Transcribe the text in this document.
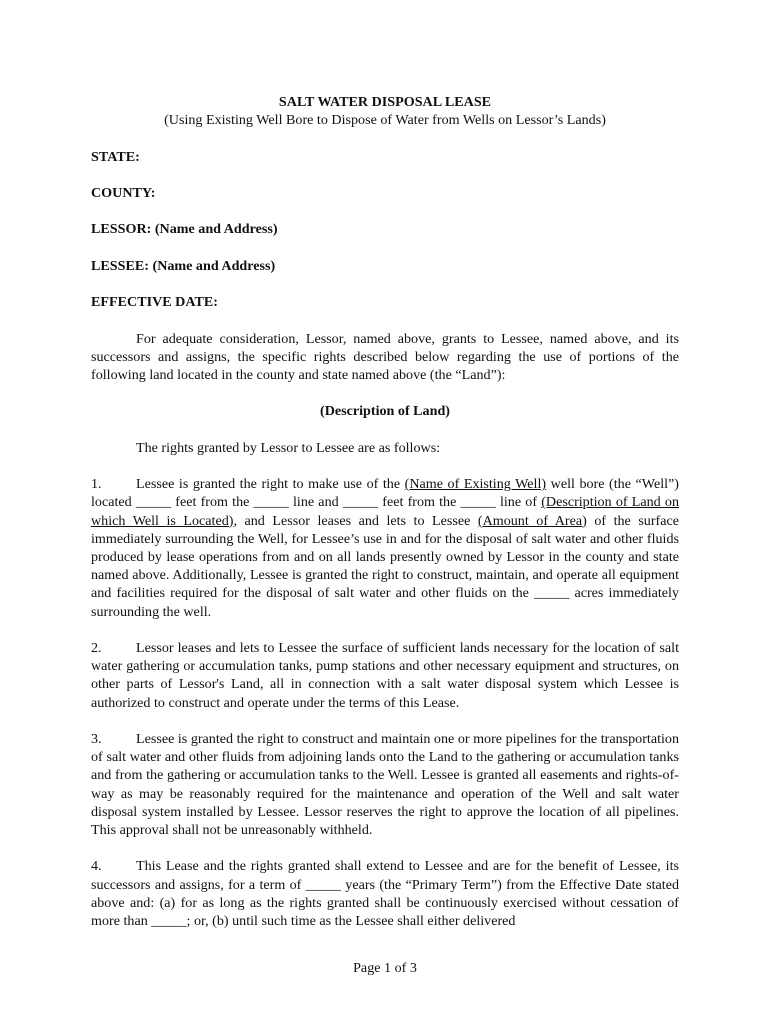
SALT WATER DISPOSAL LEASE

(Using Existing Well Bore to Dispose of Water from Wells on Lessor’s Lands)

STATE:

COUNTY:

LESSOR: (Name and Address)

LESSEE: (Name and Address)

EFFECTIVE DATE:

For adequate consideration, Lessor, named above, grants to Lessee, named above, and its successors and assigns, the specific rights described below regarding the use of portions of the following land located in the county and state named above (the “Land”):

(Description of Land)

The rights granted by Lessor to Lessee are as follows:

1. Lessee is granted the right to make use of the (Name of Existing Well) well bore (the “Well”) located _____ feet from the _____ line and _____ feet from the _____ line of (Description of Land on which Well is Located), and Lessor leases and lets to Lessee (Amount of Area) of the surface immediately surrounding the Well, for Lessee’s use in and for the disposal of salt water and other fluids produced by lease operations from and on all lands presently owned by Lessor in the county and state named above. Additionally, Lessee is granted the right to construct, maintain, and operate all equipment and facilities required for the disposal of salt water and other fluids on the _____ acres immediately surrounding the well.

2. Lessor leases and lets to Lessee the surface of sufficient lands necessary for the location of salt water gathering or accumulation tanks, pump stations and other necessary equipment and structures, on other parts of Lessor's Land, all in connection with a salt water disposal system which Lessee is authorized to construct and operate under the terms of this Lease.

3. Lessee is granted the right to construct and maintain one or more pipelines for the transportation of salt water and other fluids from adjoining lands onto the Land to the gathering or accumulation tanks and from the gathering or accumulation tanks to the Well. Lessee is granted all easements and rights-of-way as may be reasonably required for the maintenance and operation of the Well and salt water disposal system installed by Lessee. Lessor reserves the right to approve the location of all pipelines. This approval shall not be unreasonably withheld.

4. This Lease and the rights granted shall extend to Lessee and are for the benefit of Lessee, its successors and assigns, for a term of _____ years (the “Primary Term”) from the Effective Date stated above and: (a) for as long as the rights granted shall be continuously exercised without cessation of more than _____; or, (b) until such time as the Lessee shall either delivered

Page 1 of 3
